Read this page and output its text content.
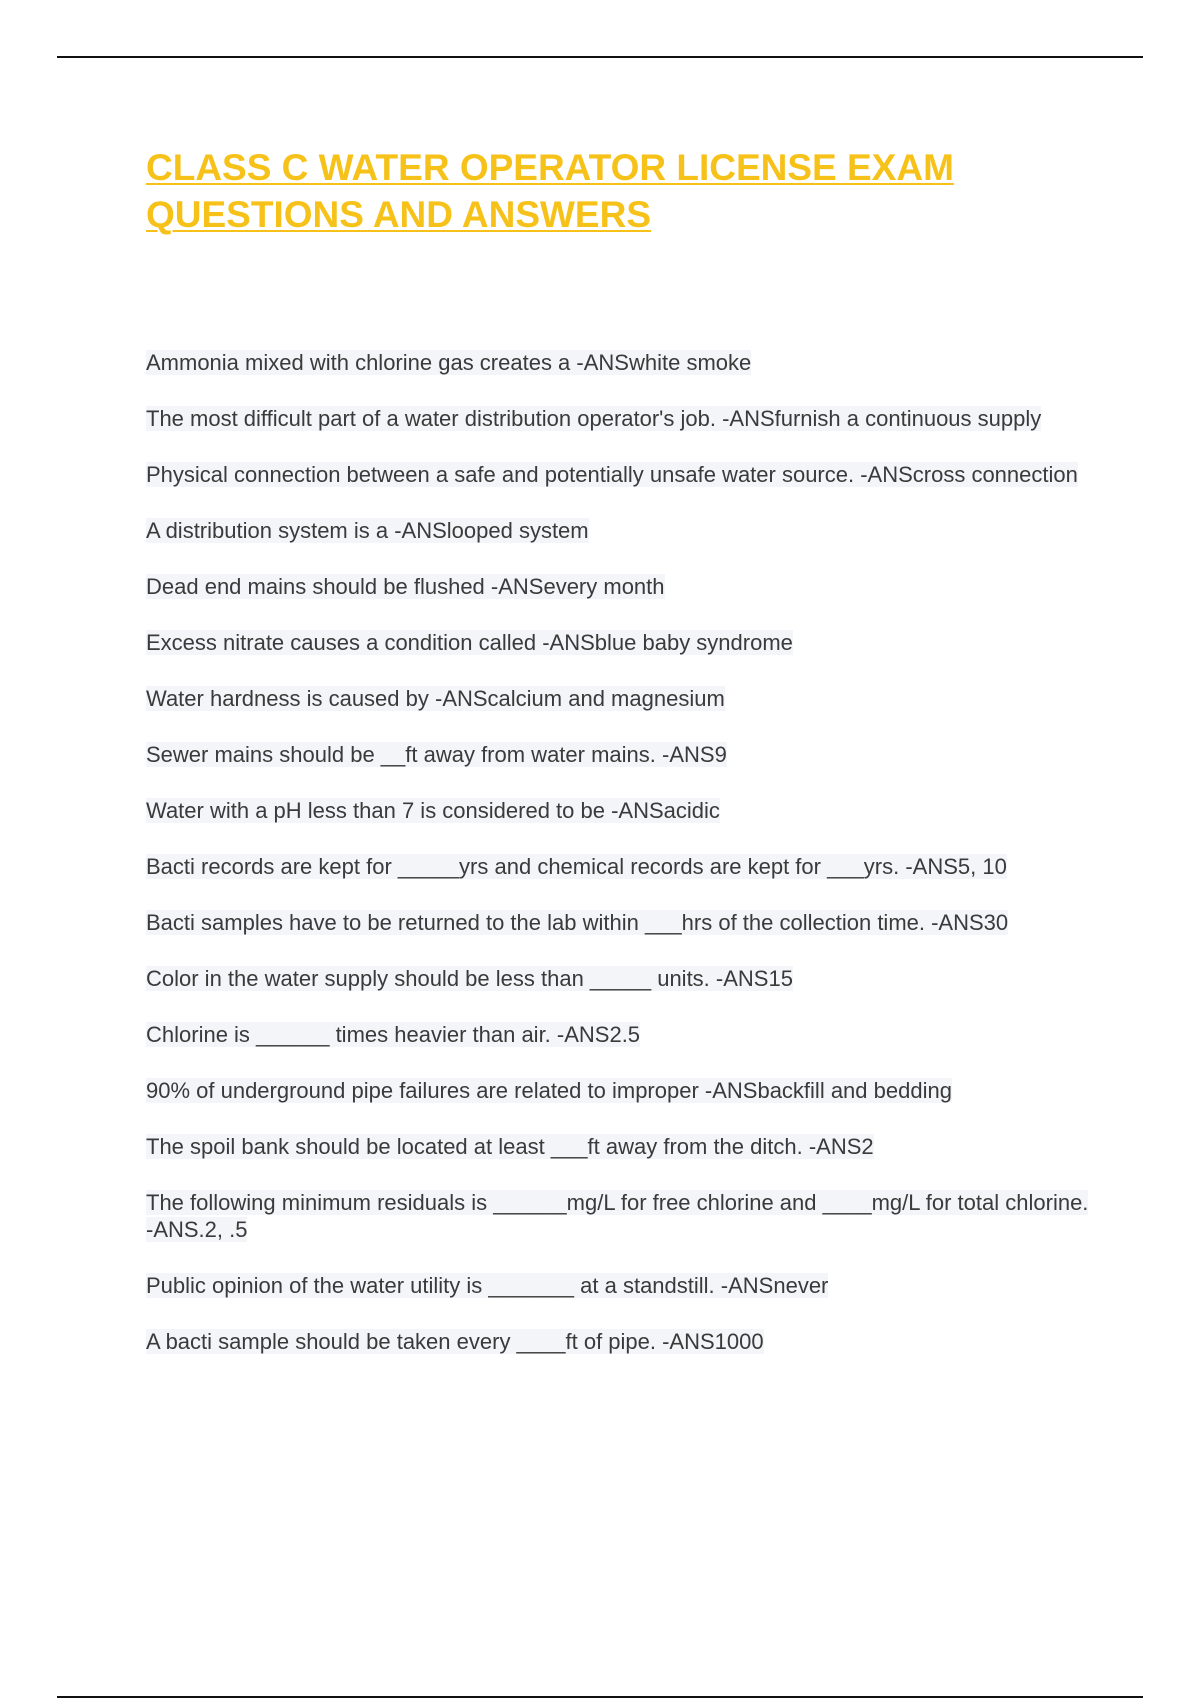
CLASS C WATER OPERATOR LICENSE EXAM
QUESTIONS AND ANSWERS
Ammonia mixed with chlorine gas creates a -ANSwhite smoke
The most difficult part of a water distribution operator's job. -ANSfurnish a continuous supply
Physical connection between a safe and potentially unsafe water source. -ANScross connection
A distribution system is a -ANSlooped system
Dead end mains should be flushed -ANSevery month
Excess nitrate causes a condition called -ANSblue baby syndrome
Water hardness is caused by -ANScalcium and magnesium
Sewer mains should be __ft away from water mains. -ANS9
Water with a pH less than 7 is considered to be -ANSacidic
Bacti records are kept for _____yrs and chemical records are kept for ___yrs. -ANS5, 10
Bacti samples have to be returned to the lab within ___hrs of the collection time. -ANS30
Color in the water supply should be less than _____ units. -ANS15
Chlorine is ______ times heavier than air. -ANS2.5
90% of underground pipe failures are related to improper -ANSbackfill and bedding
The spoil bank should be located at least ___ft away from the ditch. -ANS2
The following minimum residuals is ______mg/L for free chlorine and ____mg/L for total chlorine. -ANS.2, .5
Public opinion of the water utility is _______ at a standstill. -ANSnever
A bacti sample should be taken every ____ft of pipe. -ANS1000
